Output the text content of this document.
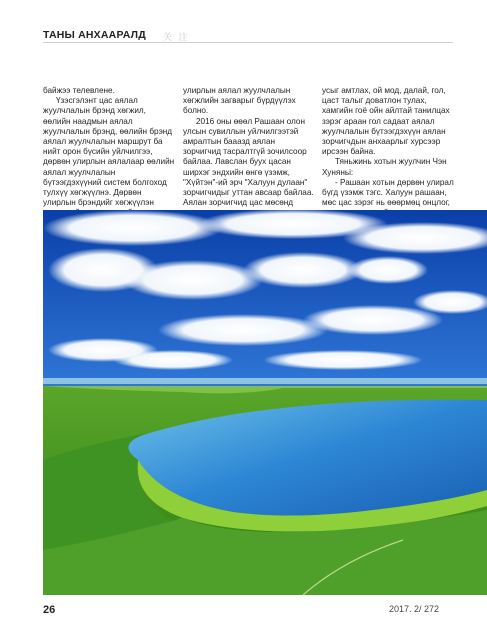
ТАНЫ АНХААРАЛД 关 注

байжээ телевлене.

Үзэсгэлэнт цас аялал жуулчлалын брэнд хөгжил, өөлийн наадмын аялал жуулчлалын брэнд, өөлийн брэнд аялал жуулчлалын маршрут ба нийт орон бүсийн уйлчилгээ, дөрвөн улирлын аялалаар өөлийн аялал жуулчлалын бүтээгдэхүүний систем болгоход тулхүү хөгжүүлнэ. Дөрвөн улирлын брэндийг хөгжүүлэн

улирлын аялал жуулчлалын хөгжлийн загварыг бүрдүүлэх болно.

2016 оны өөөл Рашаан олон улсын сувиллын уйлчилгээтэй амралтын бааазд аялан зорчигчид тасралтгүй зочилсоор байлаа. Лавслан буух цасан ширхэг эндхийн өнгө үзэмж, "Хүйтэн"-ий эрч "Халуун дулаан" зорчигчидыг уттан авсаар байлаа. Аялан зорчигчид цас мөсөнд

усыг амтлах, ой мод, далай, гол, цаст талыг доватлон тулах, хамгийн гоё ойн айлтай танилцах зэрэг араан гол садаат аялал жуулчлалын бүтээгдэхүүн аялан зорчигчдын анхаарлыг хурсээр ирсээн байна.

Тяньжинь хотын жуулчин Чэн Хуняньi:

- Рашаан хотын дөрвөн улирал бүгд үзэмж тэгс. Халуун рашаан, мөс цас зэрэг нь өөөрмөц онцлог,

26	2017. 2/ 272
